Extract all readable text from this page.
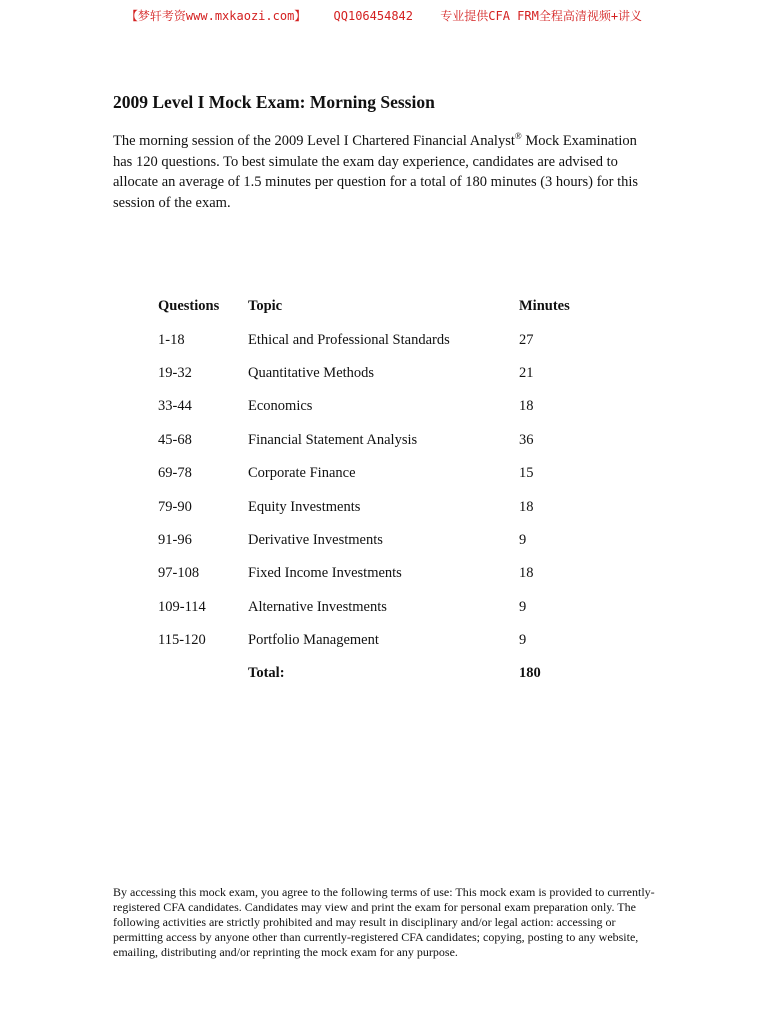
【梦轩考资www.mxkaozi.com】 QQ106454842 专业提供CFA FRM全程高清视频+讲义
2009 Level I Mock Exam: Morning Session

The morning session of the 2009 Level I Chartered Financial Analyst® Mock Examination has 120 questions. To best simulate the exam day experience, candidates are advised to allocate an average of 1.5 minutes per question for a total of 180 minutes (3 hours) for this session of the exam.

Questions	Topic	Minutes
1-18	Ethical and Professional Standards	27
19-32	Quantitative Methods	21
33-44	Economics	18
45-68	Financial Statement Analysis	36
69-78	Corporate Finance	15
79-90	Equity Investments	18
91-96	Derivative Investments	9
97-108	Fixed Income Investments	18
109-114	Alternative Investments	9
115-120	Portfolio Management	9
	Total:	180

By accessing this mock exam, you agree to the following terms of use: This mock exam is provided to currently-registered CFA candidates. Candidates may view and print the exam for personal exam preparation only. The following activities are strictly prohibited and may result in disciplinary and/or legal action: accessing or permitting access by anyone other than currently-registered CFA candidates; copying, posting to any website, emailing, distributing and/or reprinting the mock exam for any purpose.
